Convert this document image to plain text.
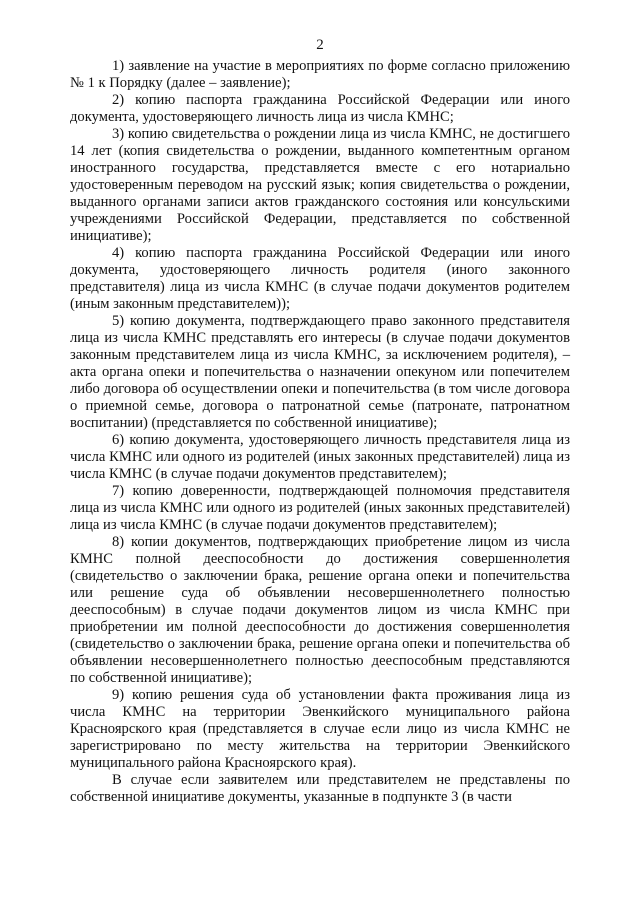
2

1) заявление на участие в мероприятиях по форме согласно приложению № 1 к Порядку (далее – заявление);

2) копию паспорта гражданина Российской Федерации или иного документа, удостоверяющего личность лица из числа КМНС;

3) копию свидетельства о рождении лица из числа КМНС, не достигшего 14 лет (копия свидетельства о рождении, выданного компетентным органом иностранного государства, представляется вместе с его нотариально удостоверенным переводом на русский язык; копия свидетельства о рождении, выданного органами записи актов гражданского состояния или консульскими учреждениями Российской Федерации, представляется по собственной инициативе);

4) копию паспорта гражданина Российской Федерации или иного документа, удостоверяющего личность родителя (иного законного представителя) лица из числа КМНС (в случае подачи документов родителем (иным законным представителем));

5) копию документа, подтверждающего право законного представителя лица из числа КМНС представлять его интересы (в случае подачи документов законным представителем лица из числа КМНС, за исключением родителя), – акта органа опеки и попечительства о назначении опекуном или попечителем либо договора об осуществлении опеки и попечительства (в том числе договора о приемной семье, договора о патронатной семье (патронате, патронатном воспитании) (представляется по собственной инициативе);

6) копию документа, удостоверяющего личность представителя лица из числа КМНС или одного из родителей (иных законных представителей) лица из числа КМНС (в случае подачи документов представителем);

7) копию доверенности, подтверждающей полномочия представителя лица из числа КМНС или одного из родителей (иных законных представителей) лица из числа КМНС (в случае подачи документов представителем);

8) копии документов, подтверждающих приобретение лицом из числа КМНС полной дееспособности до достижения совершеннолетия (свидетельство о заключении брака, решение органа опеки и попечительства или решение суда об объявлении несовершеннолетнего полностью дееспособным) в случае подачи документов лицом из числа КМНС при приобретении им полной дееспособности до достижения совершеннолетия (свидетельство о заключении брака, решение органа опеки и попечительства об объявлении несовершеннолетнего полностью дееспособным представляются по собственной инициативе);

9) копию решения суда об установлении факта проживания лица из числа КМНС на территории Эвенкийского муниципального района Красноярского края (представляется в случае если лицо из числа КМНС не зарегистрировано по месту жительства на территории Эвенкийского муниципального района Красноярского края).

В случае если заявителем или представителем не представлены по собственной инициативе документы, указанные в подпункте 3 (в части
